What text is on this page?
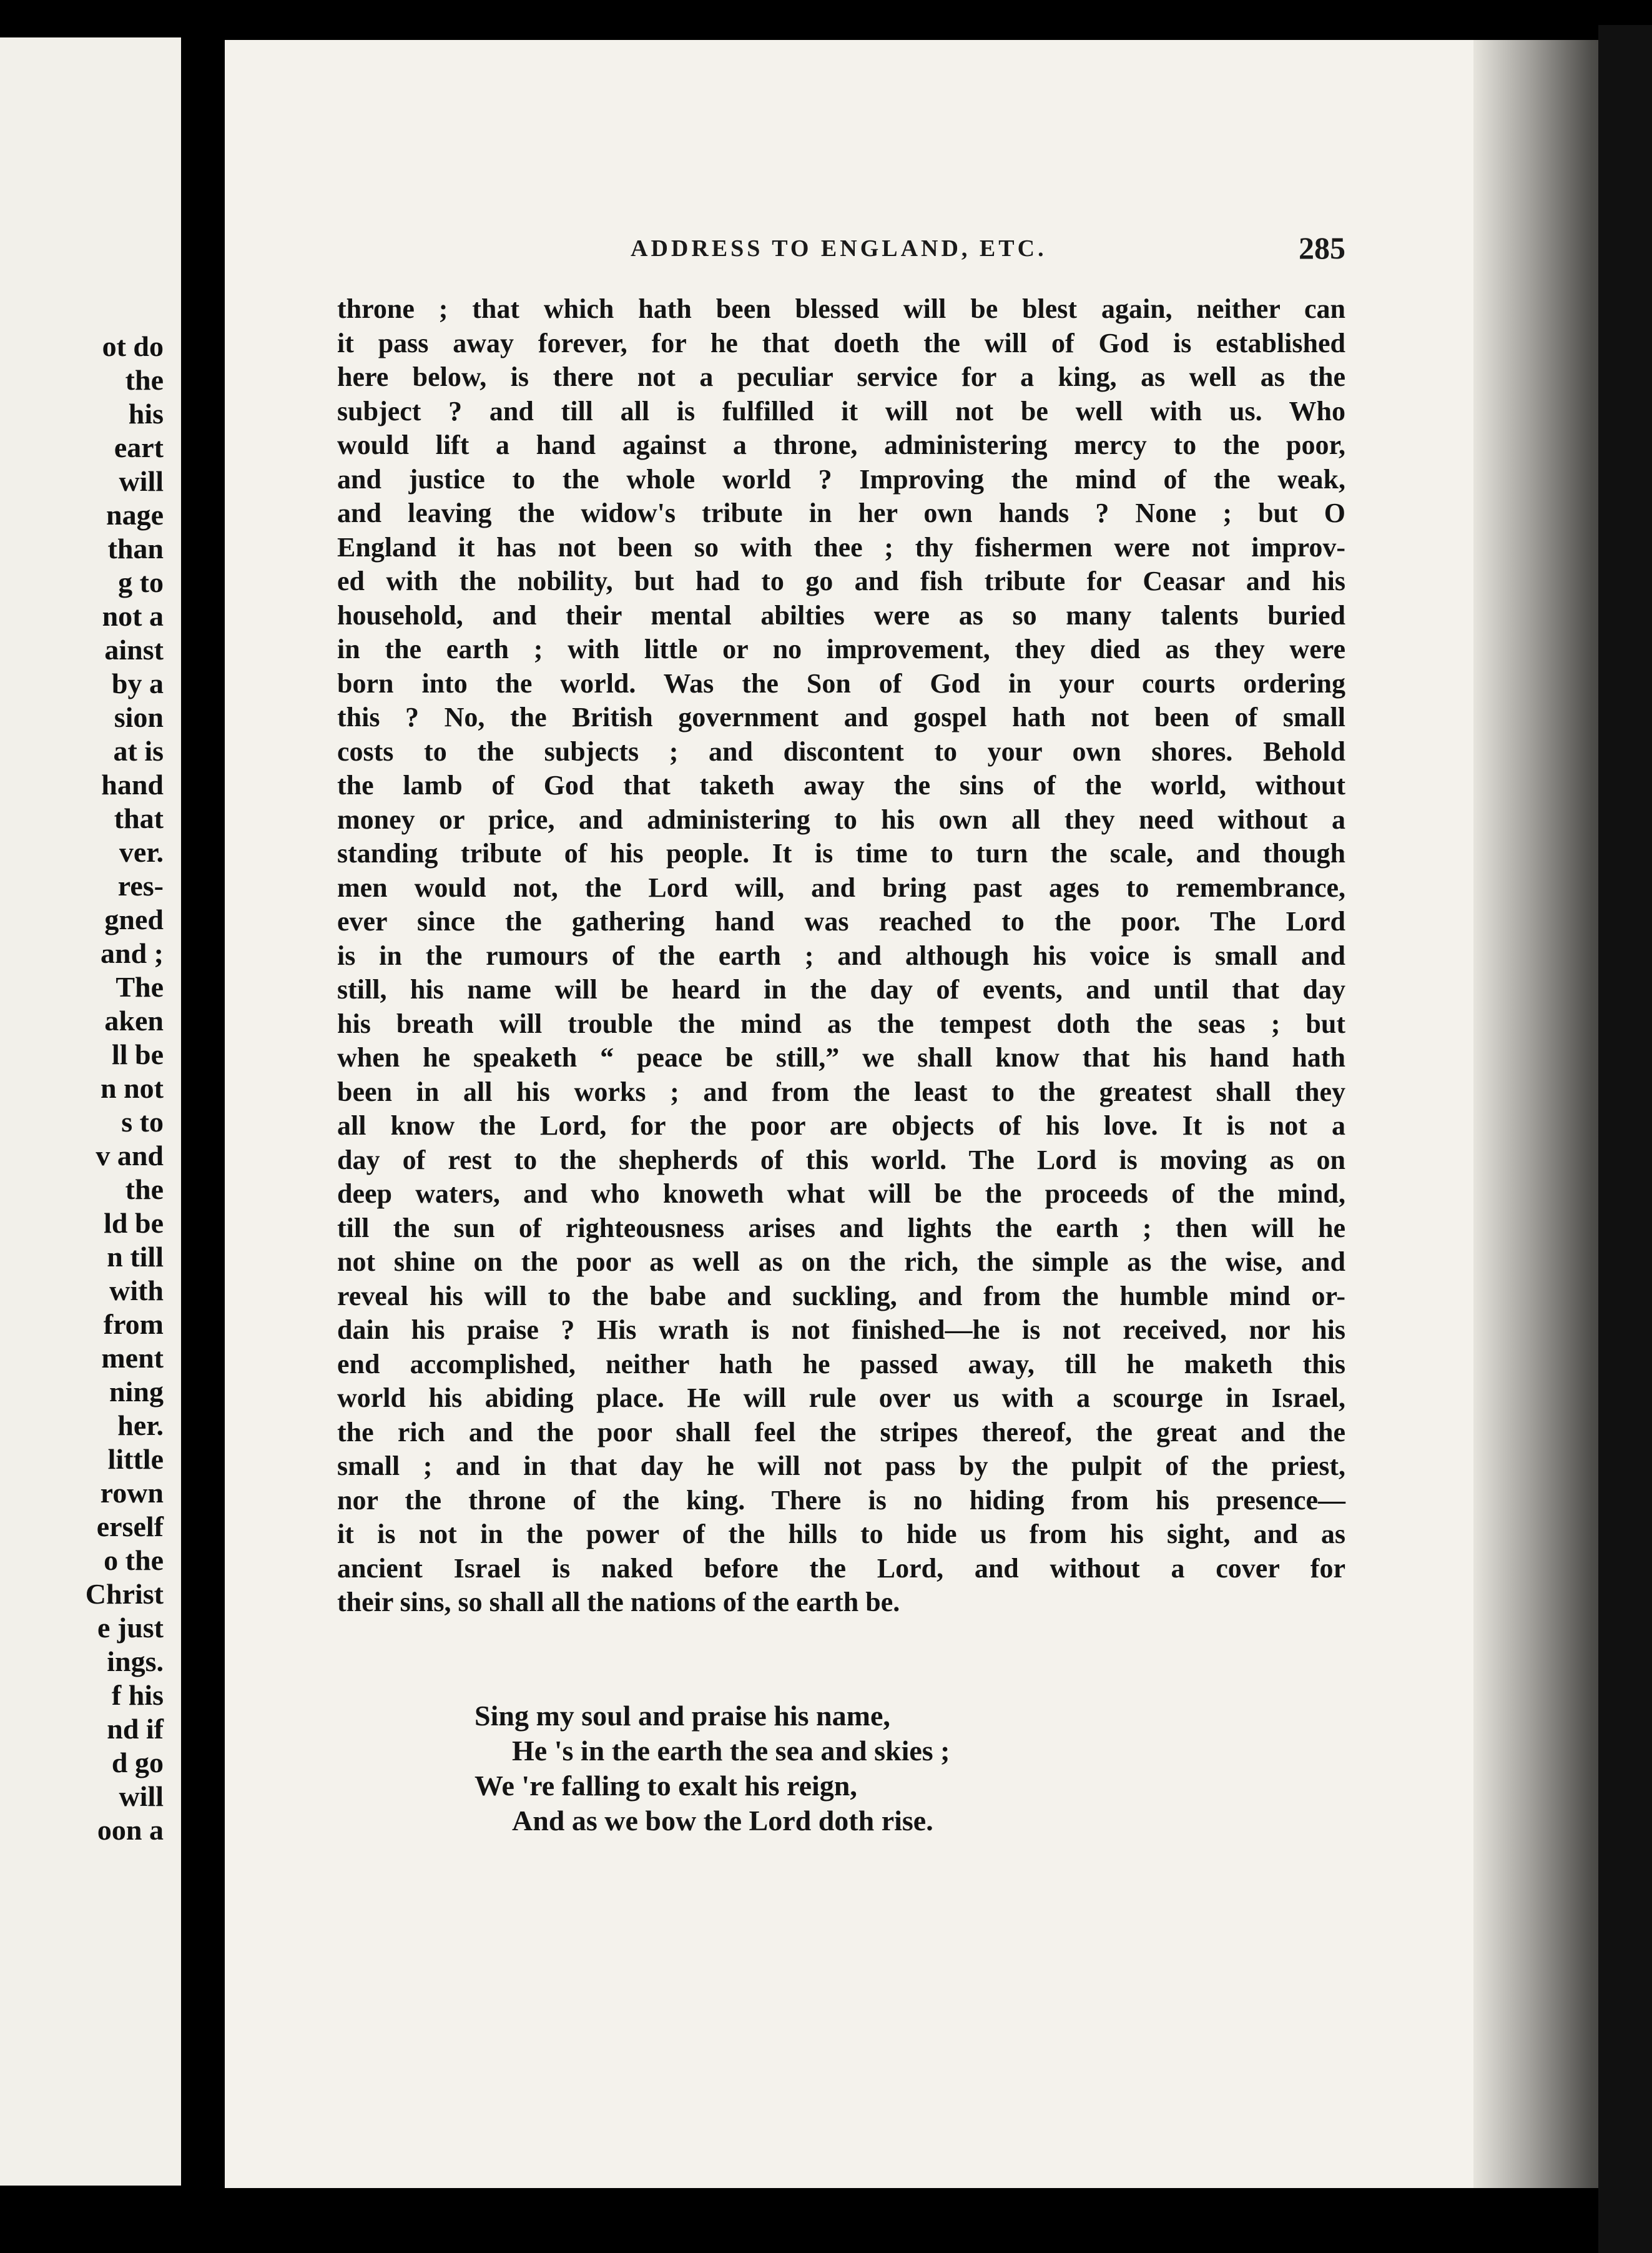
ot do
the
his
eart
will
nage
than
g to
not a
ainst
by a
sion
at is
hand
that
ver.
res-
gned
and ;
The
aken
ll be
n not
s to
v and
the
ld be
n till
with
from
ment
ning
her.
little
rown
erself
o the
Christ
e just
ings.
f his
nd if
d go
will
oon a
ADDRESS TO ENGLAND, ETC.	285
throne ; that which hath been blessed will be blest again, neither can
it pass away forever, for he that doeth the will of God is established
here below, is there not a peculiar service for a king, as well as the
subject ? and till all is fulfilled it will not be well with us. Who
would lift a hand against a throne, administering mercy to the poor,
and justice to the whole world ? Improving the mind of the weak,
and leaving the widow's tribute in her own hands ? None ; but O
England it has not been so with thee ; thy fishermen were not improv-
ed with the nobility, but had to go and fish tribute for Ceasar and his
household, and their mental abilties were as so many talents buried
in the earth ; with little or no improvement, they died as they were
born into the world. Was the Son of God in your courts ordering
this ? No, the British government and gospel hath not been of small
costs to the subjects ; and discontent to your own shores. Behold
the lamb of God that taketh away the sins of the world, without
money or price, and administering to his own all they need without a
standing tribute of his people. It is time to turn the scale, and though
men would not, the Lord will, and bring past ages to remembrance,
ever since the gathering hand was reached to the poor. The Lord
is in the rumours of the earth ; and although his voice is small and
still, his name will be heard in the day of events, and until that day
his breath will trouble the mind as the tempest doth the seas ; but
when he speaketh “ peace be still,” we shall know that his hand hath
been in all his works ; and from the least to the greatest shall they
all know the Lord, for the poor are objects of his love. It is not a
day of rest to the shepherds of this world. The Lord is moving as on
deep waters, and who knoweth what will be the proceeds of the mind,
till the sun of righteousness arises and lights the earth ; then will he
not shine on the poor as well as on the rich, the simple as the wise, and
reveal his will to the babe and suckling, and from the humble mind or-
dain his praise ? His wrath is not finished—he is not received, nor his
end accomplished, neither hath he passed away, till he maketh this
world his abiding place. He will rule over us with a scourge in Israel,
the rich and the poor shall feel the stripes thereof, the great and the
small ; and in that day he will not pass by the pulpit of the priest,
nor the throne of the king. There is no hiding from his presence—
it is not in the power of the hills to hide us from his sight, and as
ancient Israel is naked before the Lord, and without a cover for
their sins, so shall all the nations of the earth be.
Sing my soul and praise his name,
He 's in the earth the sea and skies ;
We 're falling to exalt his reign,
And as we bow the Lord doth rise.
